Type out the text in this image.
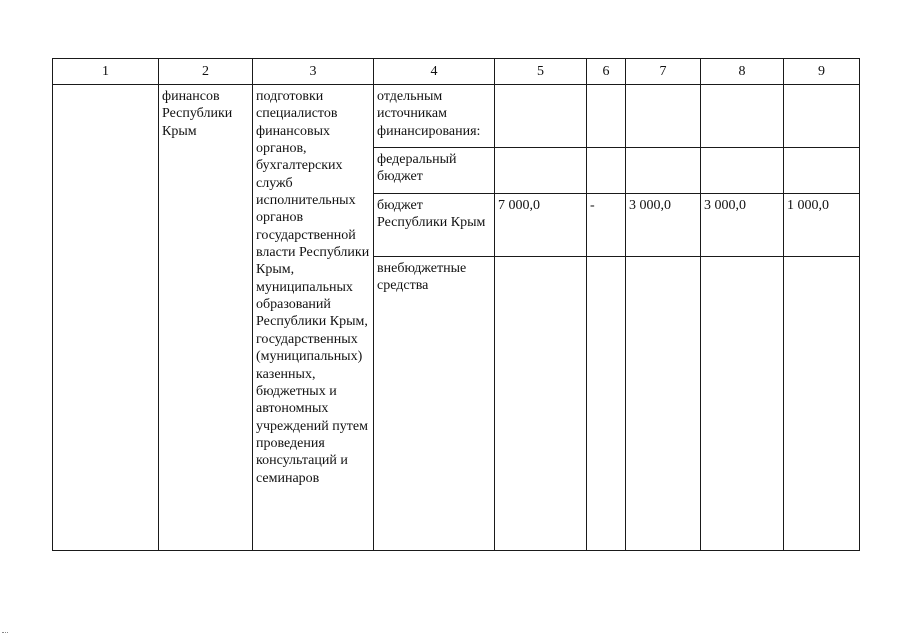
1	2	3	4	5	6	7	8	9
	финансов Республики Крым	подготовки специалистов финансовых органов, бухгалтерских служб исполнительных органов государственной власти Республики Крым, муниципальных образований Республики Крым, государственных (муниципальных) казенных, бюджетных и автономных учреждений путем проведения консультаций и семинаров	отдельным источникам финансирования:					
			федеральный бюджет					
			бюджет Республики Крым	7 000,0	-	3 000,0	3 000,0	1 000,0
			внебюджетные средства					
